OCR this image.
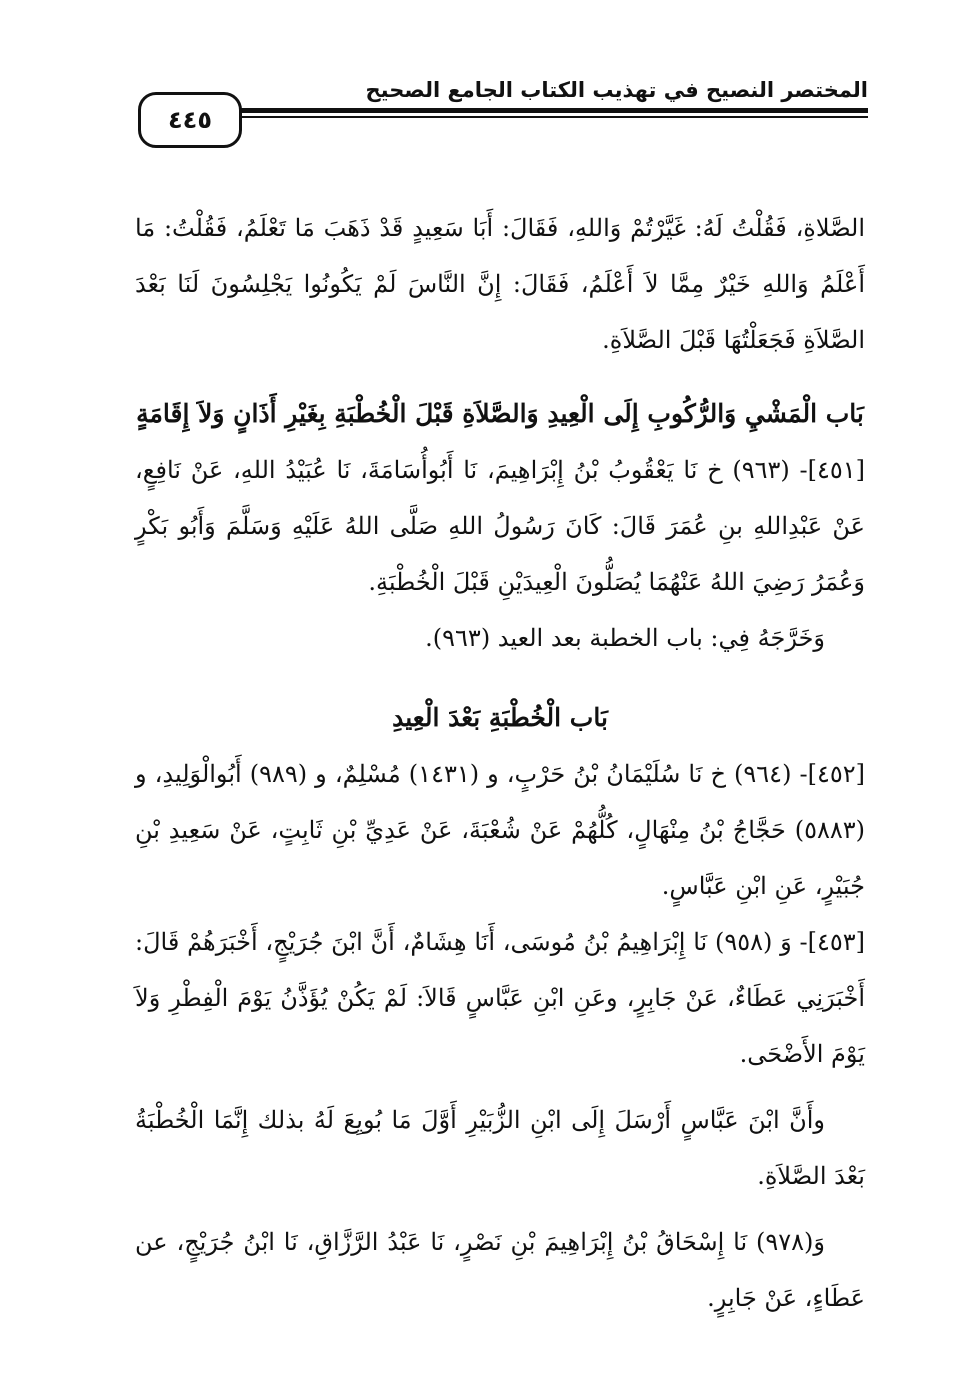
المختصر النصيح في تهذيب الكتاب الجامع الصحيح
٤٤٥

الصَّلاةِ، فَقُلْتُ لَهُ: غَيَّرْتُمْ وَاللهِ، فَقَالَ: أَبَا سَعِيدٍ قَدْ ذَهَبَ مَا تَعْلَمُ، فَقُلْتُ: مَا أَعْلَمُ وَاللهِ خَيْرٌ مِمَّا لاَ أَعْلَمُ، فَقَالَ: إِنَّ النَّاسَ لَمْ يَكُونُوا يَجْلِسُونَ لَنَا بَعْدَ الصَّلاَةِ فَجَعَلْتُهَا قَبْلَ الصَّلاَةِ.

بَاب الْمَشْيِ وَالرُّكُوبِ إِلَى الْعِيدِ وَالصَّلاَةِ قَبْلَ الْخُطْبَةِ بِغَيْرِ أَذَانٍ وَلاَ إِقَامَةٍ

[٤٥١]- (٩٦٣) خ نَا يَعْقُوبُ بْنُ إِبْرَاهِيمَ، نَا أَبُوأُسَامَةَ، نَا عُبَيْدُ اللهِ، عَنْ نَافِعٍ، عَنْ عَبْدِاللهِ بنِ عُمَرَ قَالَ: كَانَ رَسُولُ اللهِ صَلَّى اللهُ عَلَيْهِ وَسَلَّمَ وَأَبُو بَكْرٍ وَعُمَرُ رَضِيَ اللهُ عَنْهُمَا يُصَلُّونَ الْعِيدَيْنِ قَبْلَ الْخُطْبَةِ.

وَخَرَّجَهُ فِي: باب الخطبة بعد العيد (٩٦٣).

بَاب الْخُطْبَةِ بَعْدَ الْعِيدِ

[٤٥٢]- (٩٦٤) خ نَا سُلَيْمَانُ بْنُ حَرْبٍ، و (١٤٣١) مُسْلِمٌ، و (٩٨٩) أَبُوالْوَلِيدِ، و (٥٨٨٣) حَجَّاجُ بْنُ مِنْهَالٍ، كُلُّهُمْ عَنْ شُعْبَةَ، عَنْ عَدِيِّ بْنِ ثَابِتٍ، عَنْ سَعِيدِ بْنِ جُبَيْرٍ، عَنِ ابْنِ عَبَّاسٍ.

[٤٥٣]- وَ (٩٥٨) نَا إِبْرَاهِيمُ بْنُ مُوسَى، أَنَا هِشَامٌ، أَنَّ ابْنَ جُرَيْجٍ، أَخْبَرَهُمْ قَالَ: أَخْبَرَنِي عَطَاءٌ، عَنْ جَابِرٍ، وعَنِ ابْنِ عَبَّاسٍ قَالاَ: لَمْ يَكُنْ يُؤَذَّنُ يَوْمَ الْفِطْرِ وَلاَ يَوْمَ الأَضْحَى.

وأَنَّ ابْنَ عَبَّاسٍ أَرْسَلَ إِلَى ابْنِ الزُّبَيْرِ أَوَّلَ مَا بُويِعَ لَهُ بذلك إِنَّمَا الْخُطْبَةُ بَعْدَ الصَّلاَةِ.

وَ(٩٧٨) نَا إِسْحَاقُ بْنُ إِبْرَاهِيمَ بْنِ نَصْرٍ، نَا عَبْدُ الرَّزَّاقِ، نَا ابْنُ جُرَيْجٍ، عن عَطَاءٍ، عَنْ جَابِرٍ.
